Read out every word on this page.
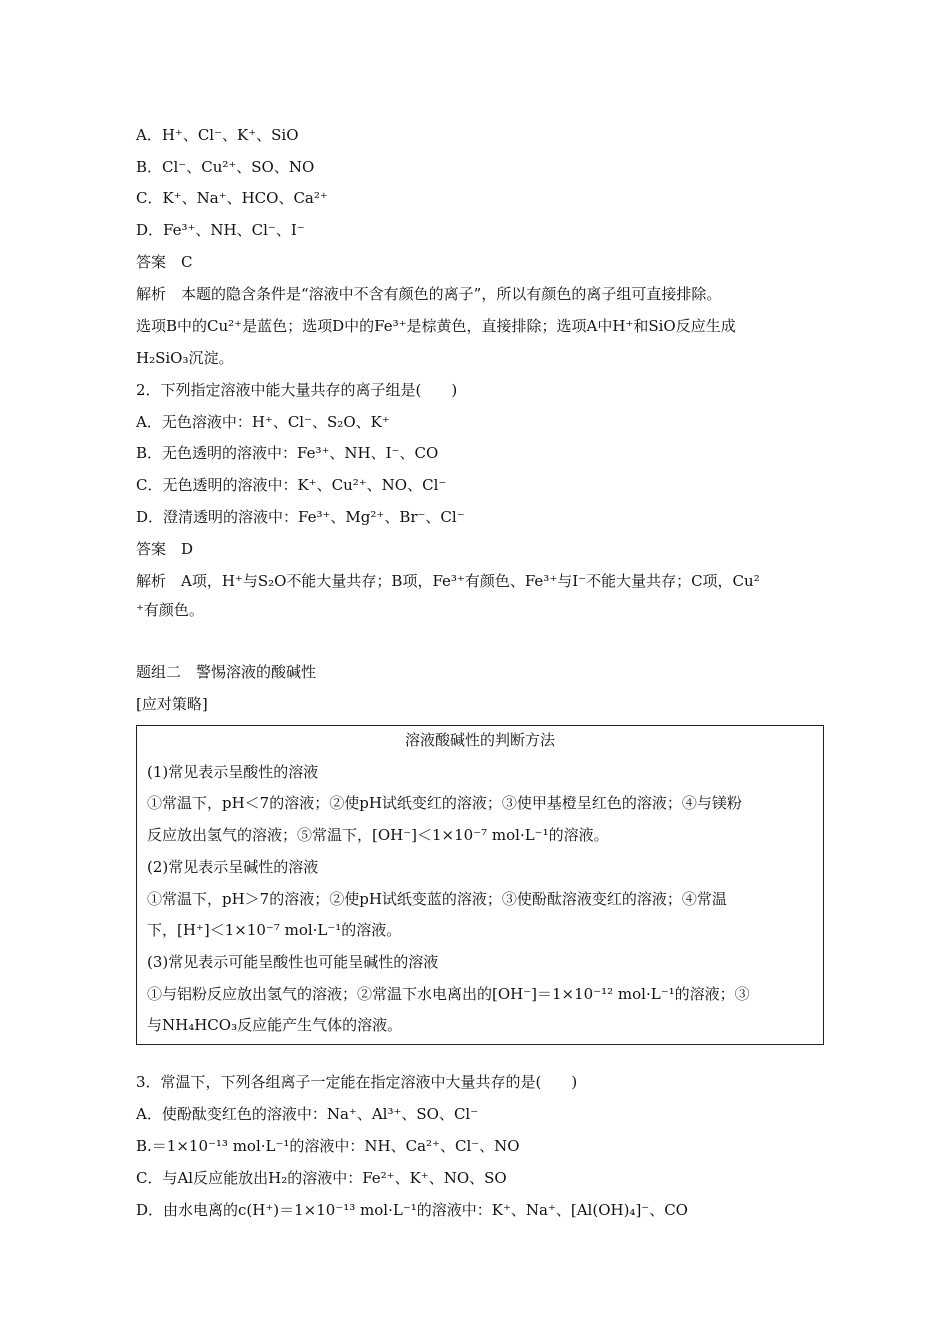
A．H⁺、Cl⁻、K⁺、SiO
B．Cl⁻、Cu²⁺、SO、NO
C．K⁺、Na⁺、HCO、Ca²⁺
D．Fe³⁺、NH、Cl⁻、I⁻
答案　C
解析　本题的隐含条件是“溶液中不含有颜色的离子”，所以有颜色的离子组可直接排除。
选项B中的Cu²⁺是蓝色；选项D中的Fe³⁺是棕黄色，直接排除；选项A中H⁺和SiO反应生成
H₂SiO₃沉淀。
2．下列指定溶液中能大量共存的离子组是(　　)
A．无色溶液中：H⁺、Cl⁻、S₂O、K⁺
B．无色透明的溶液中：Fe³⁺、NH、I⁻、CO
C．无色透明的溶液中：K⁺、Cu²⁺、NO、Cl⁻
D．澄清透明的溶液中：Fe³⁺、Mg²⁺、Br⁻、Cl⁻
答案　D
解析　A项，H⁺与S₂O不能大量共存；B项，Fe³⁺有颜色、Fe³⁺与I⁻不能大量共存；C项，Cu²
⁺有颜色。
题组二　警惕溶液的酸碱性
[应对策略]
溶液酸碱性的判断方法
(1)常见表示呈酸性的溶液
①常温下，pH＜7的溶液；②使pH试纸变红的溶液；③使甲基橙呈红色的溶液；④与镁粉
反应放出氢气的溶液；⑤常温下，[OH⁻]＜1×10⁻⁷ mol·L⁻¹的溶液。
(2)常见表示呈碱性的溶液
①常温下，pH＞7的溶液；②使pH试纸变蓝的溶液；③使酚酞溶液变红的溶液；④常温
下，[H⁺]＜1×10⁻⁷ mol·L⁻¹的溶液。
(3)常见表示可能呈酸性也可能呈碱性的溶液
①与铝粉反应放出氢气的溶液；②常温下水电离出的[OH⁻]＝1×10⁻¹² mol·L⁻¹的溶液；③
与NH₄HCO₃反应能产生气体的溶液。
3．常温下，下列各组离子一定能在指定溶液中大量共存的是(　　)
A．使酚酞变红色的溶液中：Na⁺、Al³⁺、SO、Cl⁻
B.＝1×10⁻¹³ mol·L⁻¹的溶液中：NH、Ca²⁺、Cl⁻、NO
C．与Al反应能放出H₂的溶液中：Fe²⁺、K⁺、NO、SO
D．由水电离的c(H⁺)＝1×10⁻¹³ mol·L⁻¹的溶液中：K⁺、Na⁺、[Al(OH)₄]⁻、CO
